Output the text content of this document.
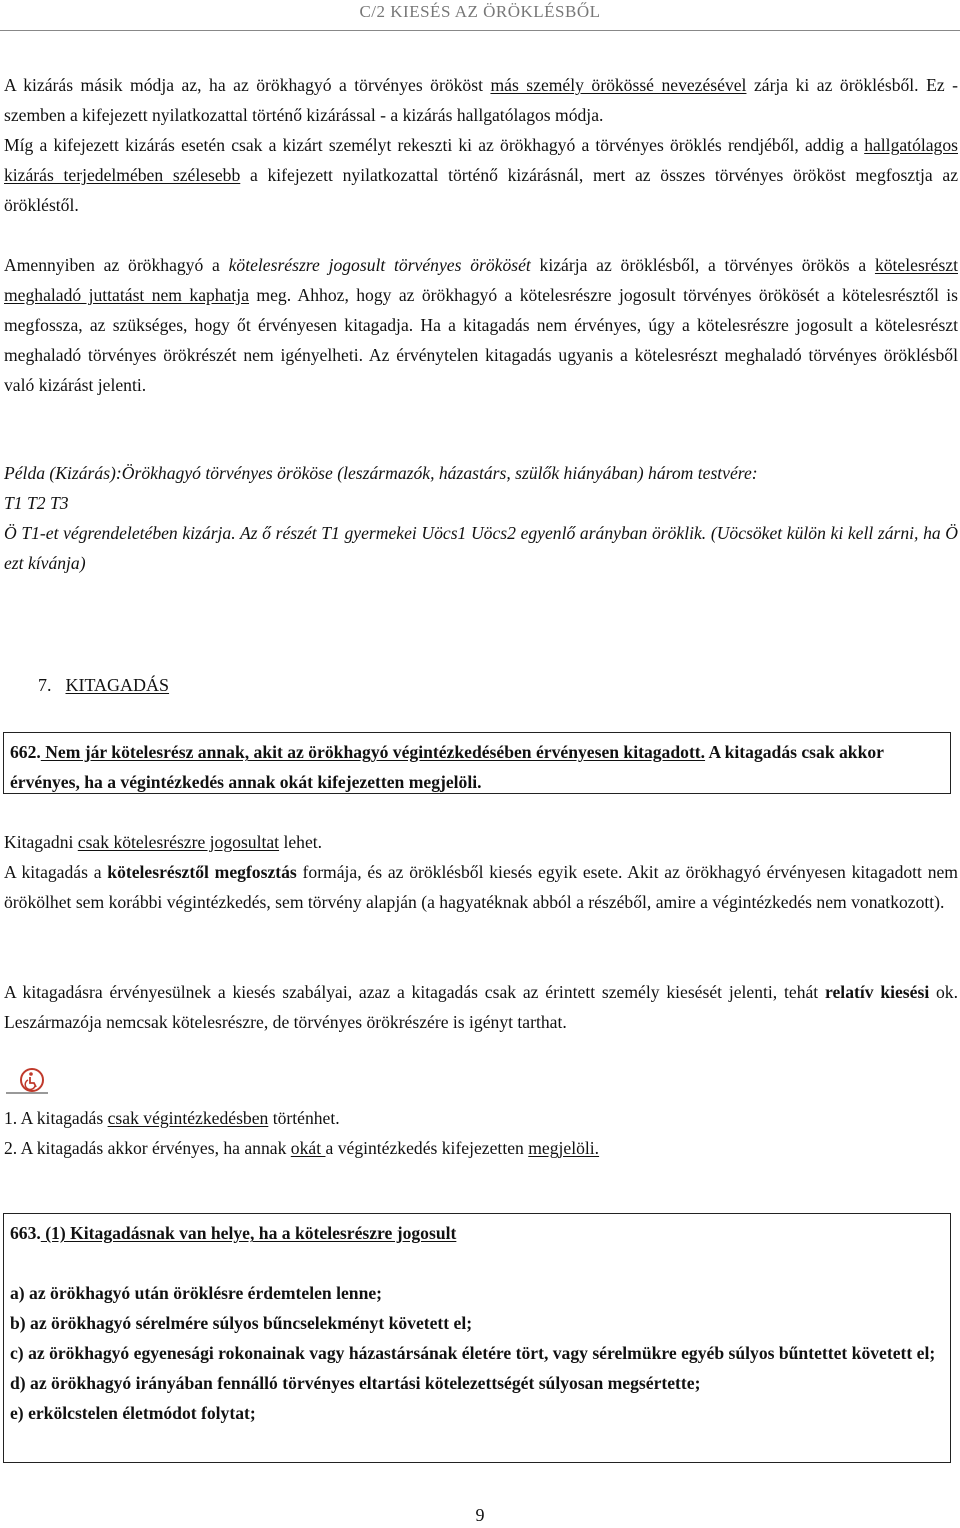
C/2 KIESÉS AZ ÖRÖKLÉSBŐL

A kizárás másik módja az, ha az örökhagyó a törvényes örököst más személy örökössé nevezésével zárja ki az öröklésből. Ez - szemben a kifejezett nyilatkozattal történő kizárással - a kizárás hallgatólagos módja.

Míg a kifejezett kizárás esetén csak a kizárt személyt rekeszti ki az örökhagyó a törvényes öröklés rendjéből, addig a hallgatólagos kizárás terjedelmében szélesebb a kifejezett nyilatkozattal történő kizárásnál, mert az összes törvényes örököst megfosztja az örökléstől.

Amennyiben az örökhagyó a kötelesrészre jogosult törvényes örökösét kizárja az öröklésből, a törvényes örökös a kötelesrészt meghaladó juttatást nem kaphatja meg. Ahhoz, hogy az örökhagyó a kötelesrészre jogosult törvényes örökösét a kötelesrésztől is megfossza, az szükséges, hogy őt érvényesen kitagadja. Ha a kitagadás nem érvényes, úgy a kötelesrészre jogosult a kötelesrészt meghaladó törvényes örökrészét nem igényelheti. Az érvénytelen kitagadás ugyanis a kötelesrészt meghaladó törvényes öröklésből való kizárást jelenti.

Példa (Kizárás):Örökhagyó törvényes örököse (leszármazók, házastárs, szülők hiányában) három testvére:

T1 T2 T3

Ö T1-et végrendeletében kizárja. Az ő részét T1 gyermekei Uöcs1 Uöcs2 egyenlő arányban öröklik. (Uöcsöket külön ki kell zárni, ha Ö ezt kívánja)

7. KITAGADÁS
662. Nem jár kötelesrész annak, akit az örökhagyó végintézkedésében érvényesen kitagadott. A kitagadás csak akkor érvényes, ha a végintézkedés annak okát kifejezetten megjelöli.

Kitagadni csak kötelesrészre jogosultat lehet.

A kitagadás a kötelesrésztől megfosztás formája, és az öröklésből kiesés egyik esete. Akit az örökhagyó érvényesen kitagadott nem örökölhet sem korábbi végintézkedés, sem törvény alapján (a hagyatéknak abból a részéből, amire a végintézkedés nem vonatkozott).

A kitagadásra érvényesülnek a kiesés szabályai, azaz a kitagadás csak az érintett személy kiesését jelenti, tehát relatív kiesési ok. Leszármazója nemcsak kötelesrészre, de törvényes örökrészére is igényt tarthat.

1. A kitagadás csak végintézkedésben történhet.

2. A kitagadás akkor érvényes, ha annak okát a végintézkedés kifejezetten megjelöli.

663. (1) Kitagadásnak van helye, ha a kötelesrészre jogosult
a) az örökhagyó után öröklésre érdemtelen lenne;
b) az örökhagyó sérelmére súlyos bűncselekményt követett el;
c) az örökhagyó egyenesági rokonainak vagy házastársának életére tört, vagy sérelmükre egyéb súlyos bűntettet követett el;
d) az örökhagyó irányában fennálló törvényes eltartási kötelezettségét súlyosan megsértette;
e) erkölcstelen életmódot folytat;
9
